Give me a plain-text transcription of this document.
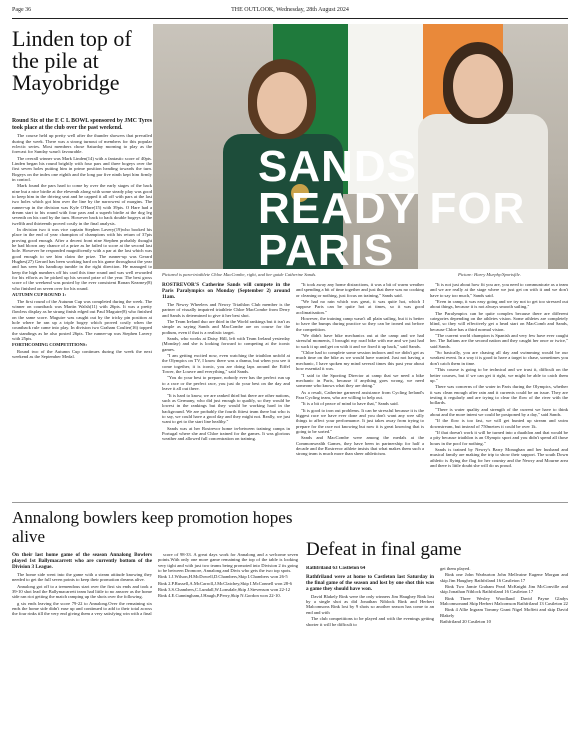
Page 36	THE OUTLOOK, Wednesday, 28th August 2024
Linden top of the pile at Mayobridge

Round Six of the E C L BOWL sponsored by JMC Tyres took place at the club over the past weekend.

The course held up pretty well after the thunder showers that prevailed during the week. There was a strong turnout of members for this popular eclectic series. Most members chose Saturday morning to play as the forecast for Sunday wasn't favourable.

The overall winner was Mark Linden(14) with a fantastic score of 40pts. Linden began his round brightly with four pars and three bogeys over the first seven holes putting him in prime position heading towards the turn. Bogeys on the index one eighth and the long par five ninth kept him firmly in control.

Mark found the pars hard to come by over the early stages of the back nine but a nice birdie at the eleventh along with some steady play was good to keep him in the driving seat and he capped it all off with pars at the last two holes which got him over the line by the narrowest of margins. The runner-up in the division was Kyle O'Hare(15) with 39pts. O Hare had a dream start to his round with four pars and a superb birdie at the dog leg seventh on his card by the turn. However back to back double bogeys at the twelfth and thirteenth proved costly in the final analysis.

In division two it was vice captain Stephen Lavery(19)who booked his place in the end of year champion of champions with his return of 37pts proving good enough. After a decent front nine Stephen probably thought he had blown any chance of a prize as he failed to score at the second last hole. However he responded magnificently with a par at the last which was good enough to see him claim the prize. The runner-up was Gerard Hughes(27) Gerard has been working hard on his game throughout the year and has seen his handicap tumble in the right direction. He managed to keep the high numbers off his card this time round and was well rewarded for his efforts as he picked up his second prize of the year. The best gross score of the weekend was posted by the ever consistent Ronan Kearney(8) who finished on seven over for his round.

AUTUMN CUP ROUND 1:

The first round of the Autumn Cup was completed during the week. The winner on countback was Martin Walsh(11) with 26pts. It was a pretty flawless display as he strung finish edged out Paul Maguire(8) who finished on the same score. Maguire was caught out by the tricky pin position at hole where he ran up a triple bogey which proved costly when the countback rule came into play. In division two Graham Coulter(16) topped the standings as he also posted 26pts. The runner-up was Stephen Lavery with 25pts.

FORTHCOMING COMPETITIONS:

Round two of the Autumn Cup continues during the week the next weekend as the September Medal.

SANDS
READY FOR
PARIS
Pictured is para-triathlete Chloe MacCombe, right, and her guide Catherine Sands.	Picture: Harry Murphy/Sportsfile.

ROSTREVOR'S Catherine Sands will compete in the Paris Paralympics on Monday (September 2) around 11am.

The Newry Wheelers and Newry Triathlon Club member is the partner of visually impaired triathlete Chloe MacCombe from Derry and Sands is determined to give it her best shot.

The Team Ireland duo are third in the World rankings but it isn't as simple as saying Sands and MacCombe are on course for the podium, even if that is a realistic target.

Sands, who works at Daisy Hill, left with Team Ireland yesterday (Monday) and she is looking forward to competing at the iconic games.

"I am getting excited now, even watching the triathlon unfold at the Olympics on TV, I know there was a drama, but when you see it come together, it is iconic, you are doing laps around the Eiffel Tower, the Louvre and everything," said Sands.

"You do your best to prepare, nobody ever has the perfect run up to a race or the perfect race, you just do your best on the day and leave it all out there.

"It is hard to know, we are ranked third but there are other nations, such as Germany, who did just enough to qualify, so they would be lowest in the rankings but they would be working hard in the background. We are probably the fourth fittest team there but who is to say, we could have a good day and they might not. Really, we just want to get to the start line healthy."

Sands was at her Rostrevor home in-between training camps in Portugal where she and Chloe trained for the games. It was glorious weather and allowed full concentration on training.

"It took away any home distractions, it was a bit of warm weather and spending a bit of time together and just that there was no cooking or cleaning or nothing, just focus on training," Sands said.

"We had no rain which was great, it was quite hot, which I suppose Paris can be quite hot at times, so it was good acclimatisation."

However, the training camp wasn't all plain sailing, but it is better to have the bumps during practice so they can be ironed out before the competition.

"We didn't have bike mechanics out at the camp and we had stressful moments, I brought my road bike with me and we just had to suck it up and get on with it and we fixed it up back," said Sands.

"Chloe had to complete some session indoors and we didn't get as much time on the bike as we would have wanted. Just not having a mechanic, I have spoken my mind several times this past year about how essential it was.

"I said to the Sporting Director at camp that we need a bike mechanic in Paris, because if anything goes wrong, we need someone who knows what they are doing."

As a result, Catherine garnered assistance from Cycling Ireland's Para Cycling team, who are willing to help out.

"It is a bit of peace of mind to have that," Sands said.

"It is good to iron out problems. It can be stressful because it is the biggest race we have ever done and you don't want any wee silly things to affect your performance. It just takes away from trying to prepare for the race not knowing but now it is great knowing that is going to be sorted."

Sands and MacCombe were among the medals at the Commonwealth Games, they have been in partnership for half a decade and the Rostrevor athlete insists that what makes them such a strong team is much more than sheer athleticism.

"It is not just about how fit you are, you need to communicate as a team and we are really at the stage where we just get on with it and we don't have to say too much," Sands said.

"Even in camp, it was easy going and we try not to get too stressed out about things, because it is not always smooth sailing."

The Paralympics can be quite complex because there are different categories depending on the athletes vision. Some athletes are completely blind, so they will effectively get a head start on MacComb and Sands, because Chloe has a third normal vision.

"The current world champion is Spanish and very few have ever caught her. The Italians are the second nation and they caught her once or twice," said Sands.

"So basically, you are chasing all day and swimming would be our weakest event. In a way it is good to have a target to chase, sometimes you don't catch them in time.

"This course is going to be technical and we trust it, difficult on the better courses, but if we can get it right, we might be able to catch them up."

There was concerns of the water in Paris during the Olympics, whether it was clean enough after rain and it currents could be an issue. They are testing it regularly and are trying to clear the flow of the river with the bollards.

"There is water quality and strength of the current we have to think about and the more intent we could be postponed by a day," said Sands.

"If the flow is too fast, we will get bunted up stream and swim downstream, but instead of 750metres it could be over 1k.

"If that doesn't work it will be turned into a duathlon and that would be a pity because triathlon is an Olympic sport and you didn't spend all those hours in the pool for nothing."

Sands is trained by Newry's Barry Monaghan and her husband and musical family are making the trip to show their support. The south Down athletic is flying the flag for her country and the Newry and Mourne area and there is little doubt she will do us proud.

Annalong bowlers keep promotion hopes alive

On their last home game of the season Annalong Bowlers played 1st Ballymacarrett who are currently bottom of the Division 3 League.

The home side went into the game with a steam attitude knowing they needed to get the full seven points to keep their promotion dreams alive.

Annalong got off to a tremendous start over the first six ends and took a 39-10 shot lead the Ballymacarrett team had little to no answer as the home side ran riot getting the match ramping up the shots over the following.

g six ends leaving the score 79-22 to Annalong.Over the remaining six ends the home side didn't ease up and continued to add to their total across the four rinks till the very end giving them a very satisfying win with a final

score of 98-33. A great days work for Annalong and a welcome seven points.With only one more game remaining the top of the table is looking very tight and with just two teams being promoted into Division 2 its going to be between Dromore, Annalong and Divis who gets the two top spots.

Rink 1.J.Wilson,H.McDowell,D.Chambers,Skip I.Chambers won 26-5

Rink 2.P.Russell,A.McCarroll,J.McClatchey,Skip I.McConnell won 28-6

Rink 3.S.Chambers,C.Lundall,W.Lonsdale,Skip J.Stevenson won 22-12

Rink 4.E.Cunningham,J.Haugh,P.Perry,Skip N.Gordon won 22-10.

Defeat in final game

Rathfriland 63 Castleton 64

Rathfriland were at home to Castleton last Saturday in the final game of the season and lost by one shot this was a game they should have won.

David Blakely Rink were the only winners Jim Haughey Rink lost by a single shot as did Jonathan Niblock Rink and Herbert Malcomsons Rink lost by 9 shots so another season has come to an end and with

The club competitions to be played and with the evenings getting shorter it will be difficult to

get them played.

Rink one John Warburton John Mellvaine Eugene Morgan and skip Jim Haughey Rathfriland 16 Castleton 17

Rink Two Jamie Graham Pearl McKnight Jim McConville and skip Jonathan Niblock Rathfriland 16 Castleton 17

Rink Three Wesley Woodland David Payne Gladys Malcomsonand Skip Herbert Malcomson Rathfriland 13 Castleton 22

Rink 4 Allie Ingram Tommy Grant Nigel Moffett and skip David Blakely

Rathfriland 20 Castleton 10
